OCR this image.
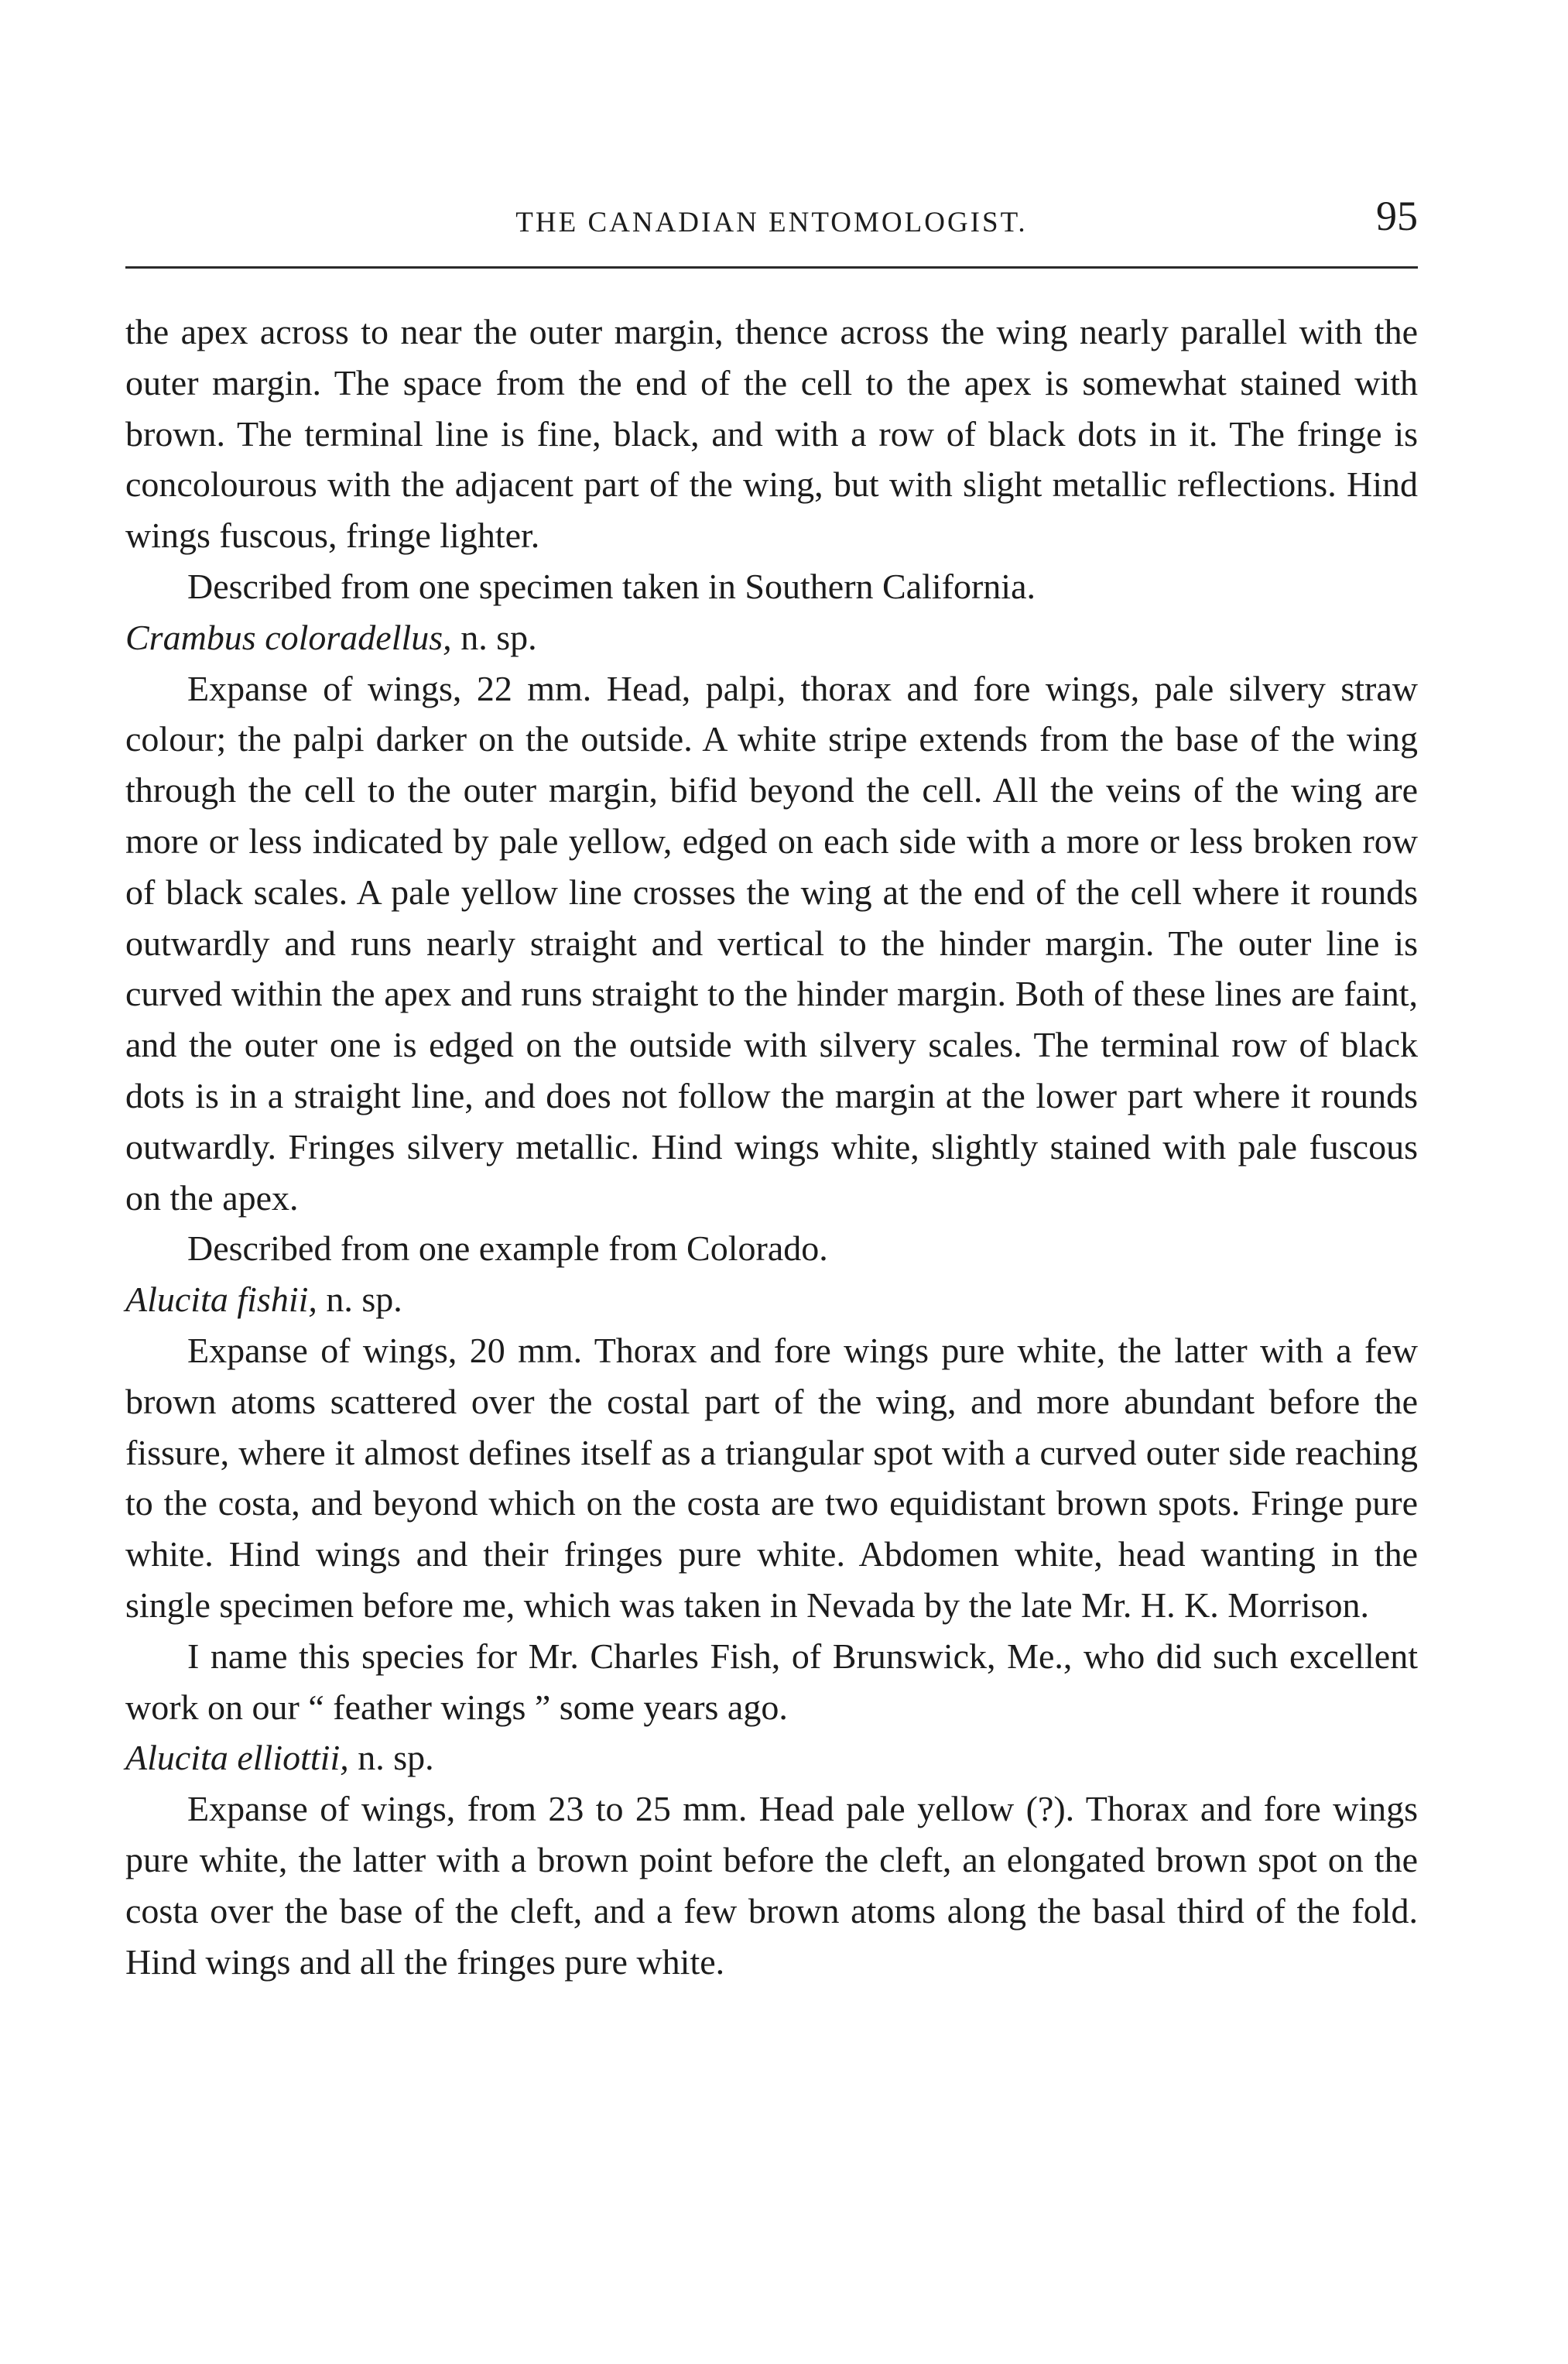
THE CANADIAN ENTOMOLOGIST.	95

the apex across to near the outer margin, thence across the wing nearly parallel with the outer margin. The space from the end of the cell to the apex is somewhat stained with brown. The terminal line is fine, black, and with a row of black dots in it. The fringe is concolourous with the adjacent part of the wing, but with slight metallic reflections. Hind wings fuscous, fringe lighter.

Described from one specimen taken in Southern California.

Crambus coloradellus, n. sp.

Expanse of wings, 22 mm. Head, palpi, thorax and fore wings, pale silvery straw colour; the palpi darker on the outside. A white stripe extends from the base of the wing through the cell to the outer margin, bifid beyond the cell. All the veins of the wing are more or less indicated by pale yellow, edged on each side with a more or less broken row of black scales. A pale yellow line crosses the wing at the end of the cell where it rounds outwardly and runs nearly straight and vertical to the hinder margin. The outer line is curved within the apex and runs straight to the hinder margin. Both of these lines are faint, and the outer one is edged on the outside with silvery scales. The terminal row of black dots is in a straight line, and does not follow the margin at the lower part where it rounds outwardly. Fringes silvery metallic. Hind wings white, slightly stained with pale fuscous on the apex.

Described from one example from Colorado.

Alucita fishii, n. sp.

Expanse of wings, 20 mm. Thorax and fore wings pure white, the latter with a few brown atoms scattered over the costal part of the wing, and more abundant before the fissure, where it almost defines itself as a triangular spot with a curved outer side reaching to the costa, and beyond which on the costa are two equidistant brown spots. Fringe pure white. Hind wings and their fringes pure white. Abdomen white, head wanting in the single specimen before me, which was taken in Nevada by the late Mr. H. K. Morrison.

I name this species for Mr. Charles Fish, of Brunswick, Me., who did such excellent work on our “ feather wings ” some years ago.

Alucita elliottii, n. sp.

Expanse of wings, from 23 to 25 mm. Head pale yellow (?). Thorax and fore wings pure white, the latter with a brown point before the cleft, an elongated brown spot on the costa over the base of the cleft, and a few brown atoms along the basal third of the fold. Hind wings and all the fringes pure white.
